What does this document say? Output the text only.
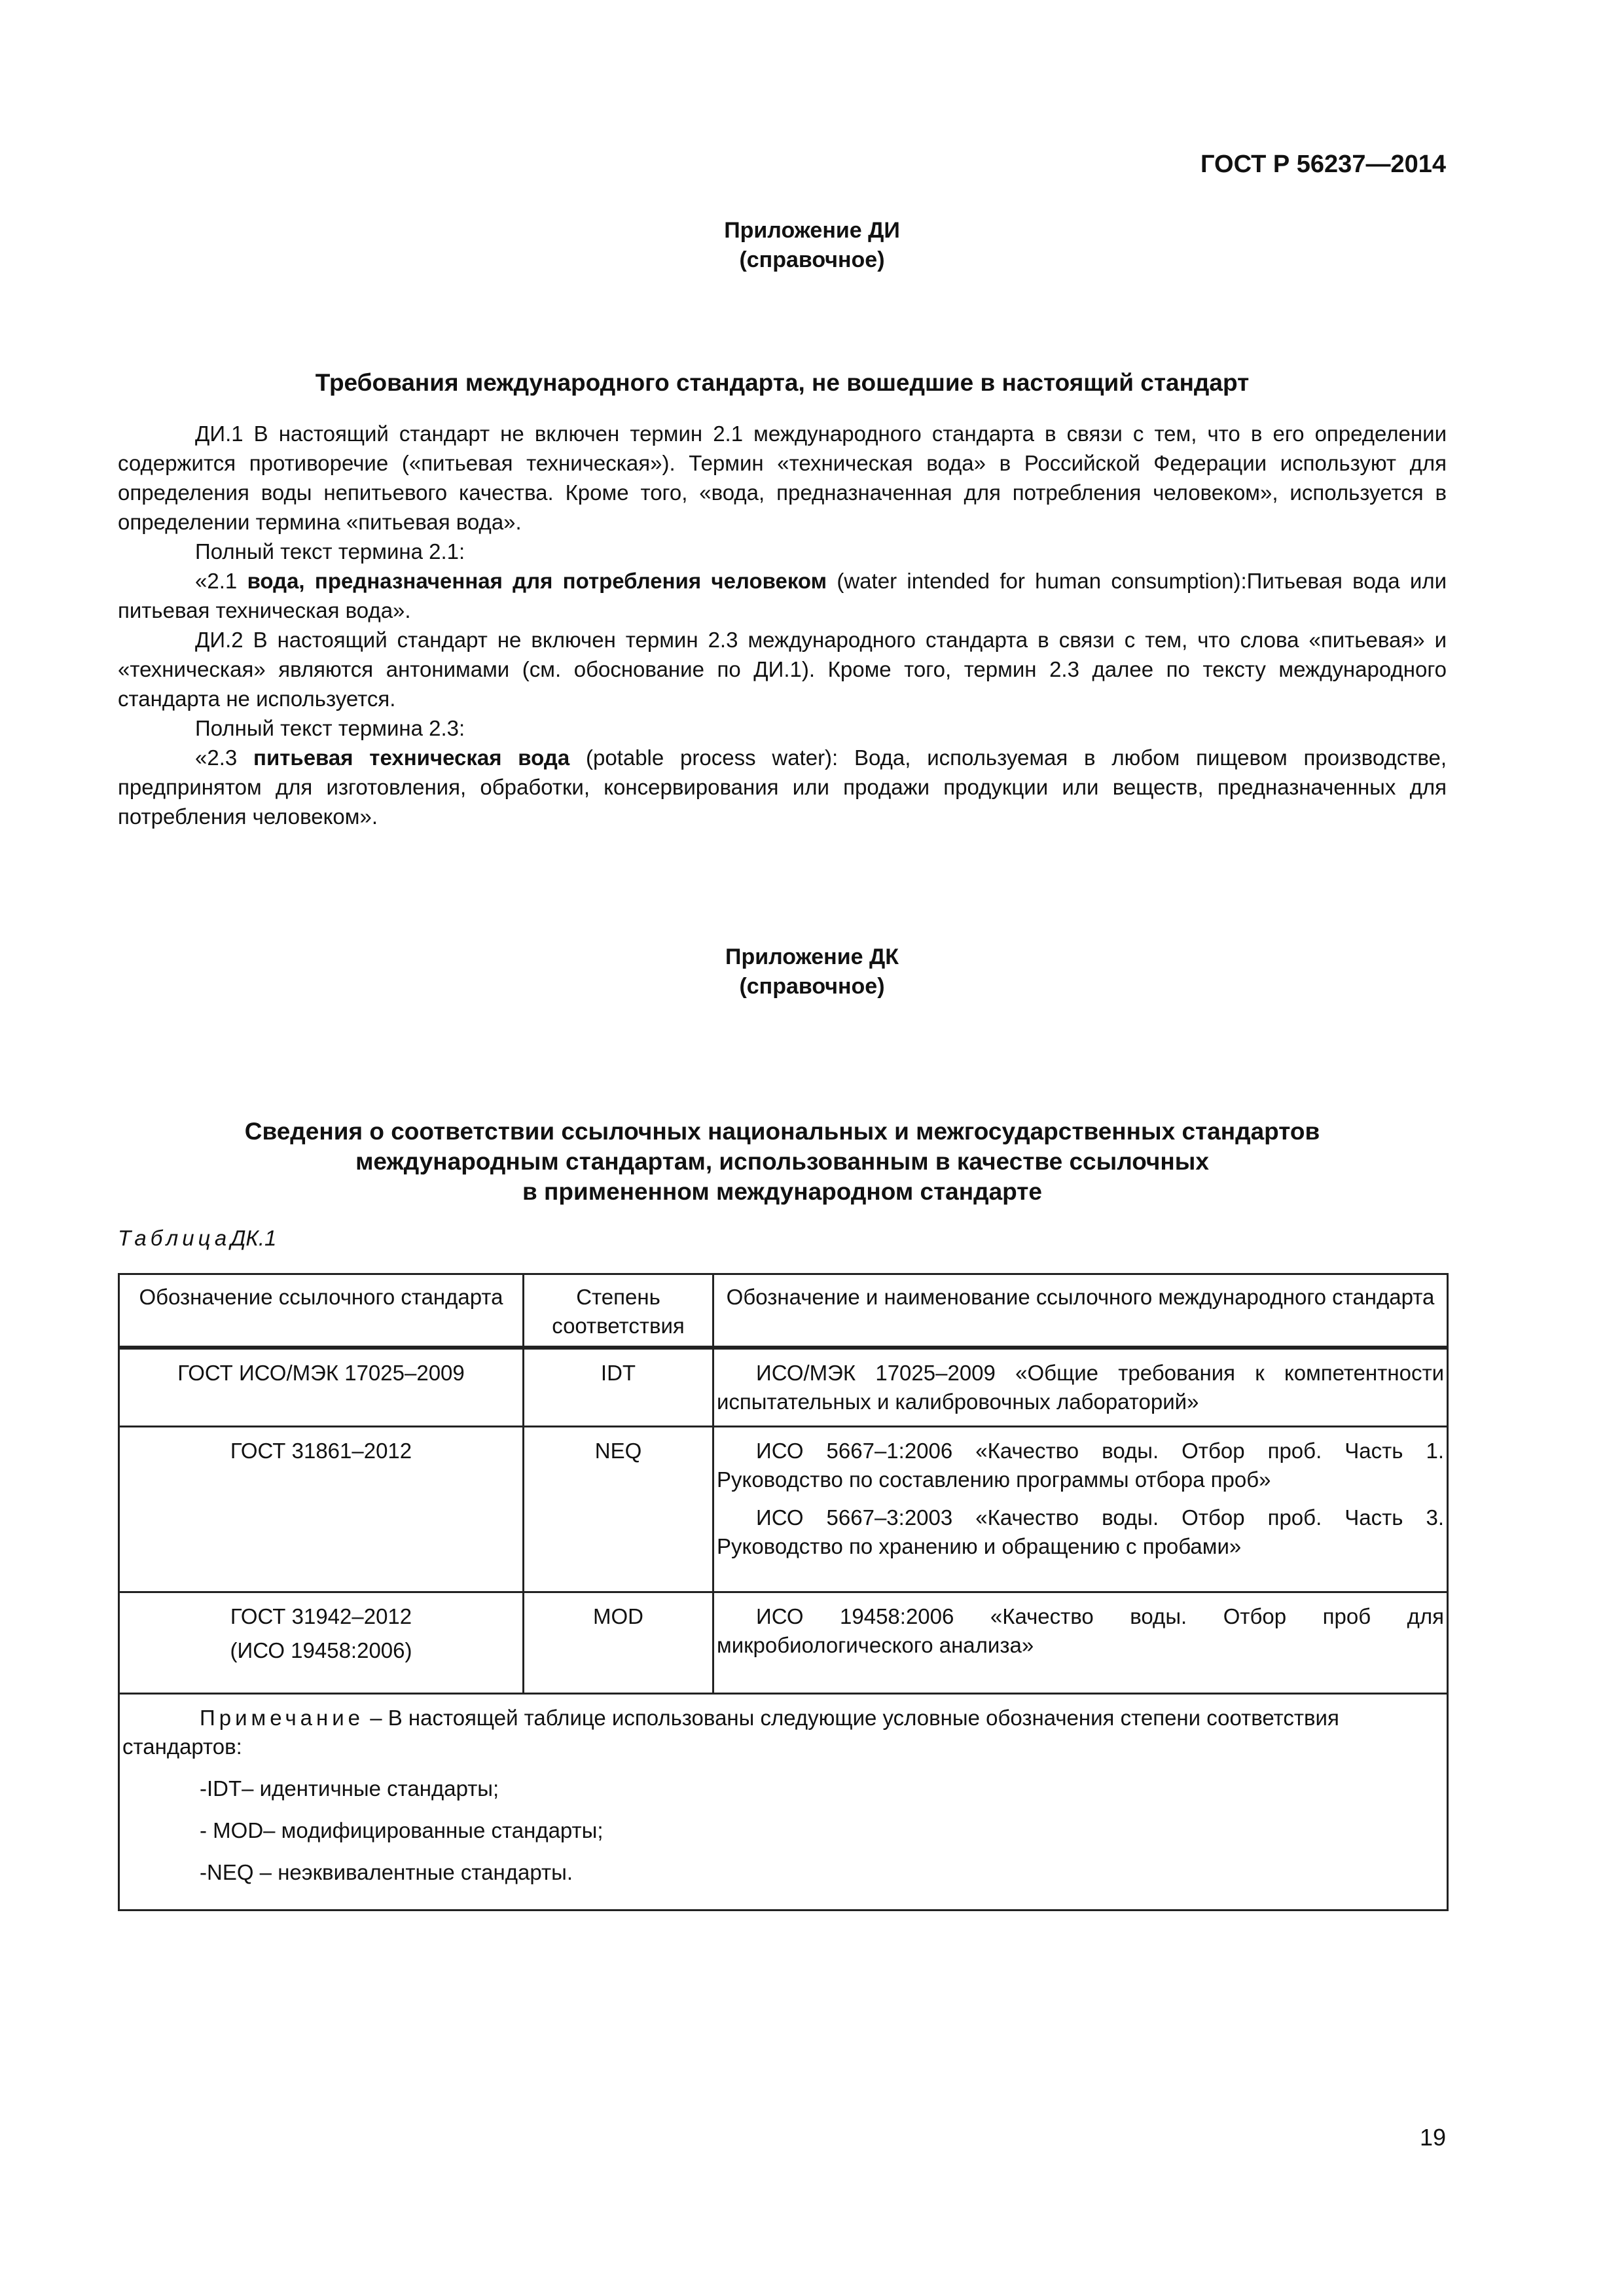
ГОСТ Р 56237—2014
Приложение ДИ
(справочное)
Требования международного стандарта, не вошедшие в настоящий стандарт

ДИ.1 В настоящий стандарт не включен термин 2.1 международного стандарта в связи с тем, что в его определении содержится противоречие («питьевая техническая»). Термин «техническая вода» в Российской Федерации используют для определения воды непитьевого качества. Кроме того, «вода, предназначенная для потребления человеком», используется в определении термина «питьевая вода».

Полный текст термина 2.1:

«2.1 вода, предназначенная для потребления человеком (water intended for human consumption):Питьевая вода или питьевая техническая вода».

ДИ.2 В настоящий стандарт не включен термин 2.3 международного стандарта в связи с тем, что слова «питьевая» и «техническая» являются антонимами (см. обоснование по ДИ.1). Кроме того, термин 2.3 далее по тексту международного стандарта не используется.

Полный текст термина 2.3:

«2.3 питьевая техническая вода (potable process water): Вода, используемая в любом пищевом производстве, предпринятом для изготовления, обработки, консервирования или продажи продукции или веществ, предназначенных для потребления человеком».

Приложение ДК
(справочное)
Сведения о соответствии ссылочных национальных и межгосударственных стандартов
международным стандартам, использованным в качестве ссылочных
в примененном международном стандарте
ТаблицаДК.1
Обозначение ссылочного стандарта	Степень соответствия	Обозначение и наименование ссылочного международного стандарта

ГОСТ ИСО/МЭК 17025–2009	IDT	ИСО/МЭК 17025–2009 «Общие требования к компетентности испытательных и калибровочных лабораторий»

ГОСТ 31861–2012	NEQ	ИСО 5667–1:2006 «Качество воды. Отбор проб. Часть 1. Руководство по составлению программы отбора проб»

ИСО 5667–3:2003 «Качество воды. Отбор проб. Часть 3. Руководство по хранению и обращению с пробами»

ГОСТ 31942–2012
(ИСО 19458:2006)	MOD	ИСО 19458:2006 «Качество воды. Отбор проб для микробиологического анализа»

Примечание – В настоящей таблице использованы следующие условные обозначения степени соответствия стандартов:
-IDT– идентичные стандарты;
- MOD– модифицированные стандарты;
-NEQ – неэквивалентные стандарты.		
19
